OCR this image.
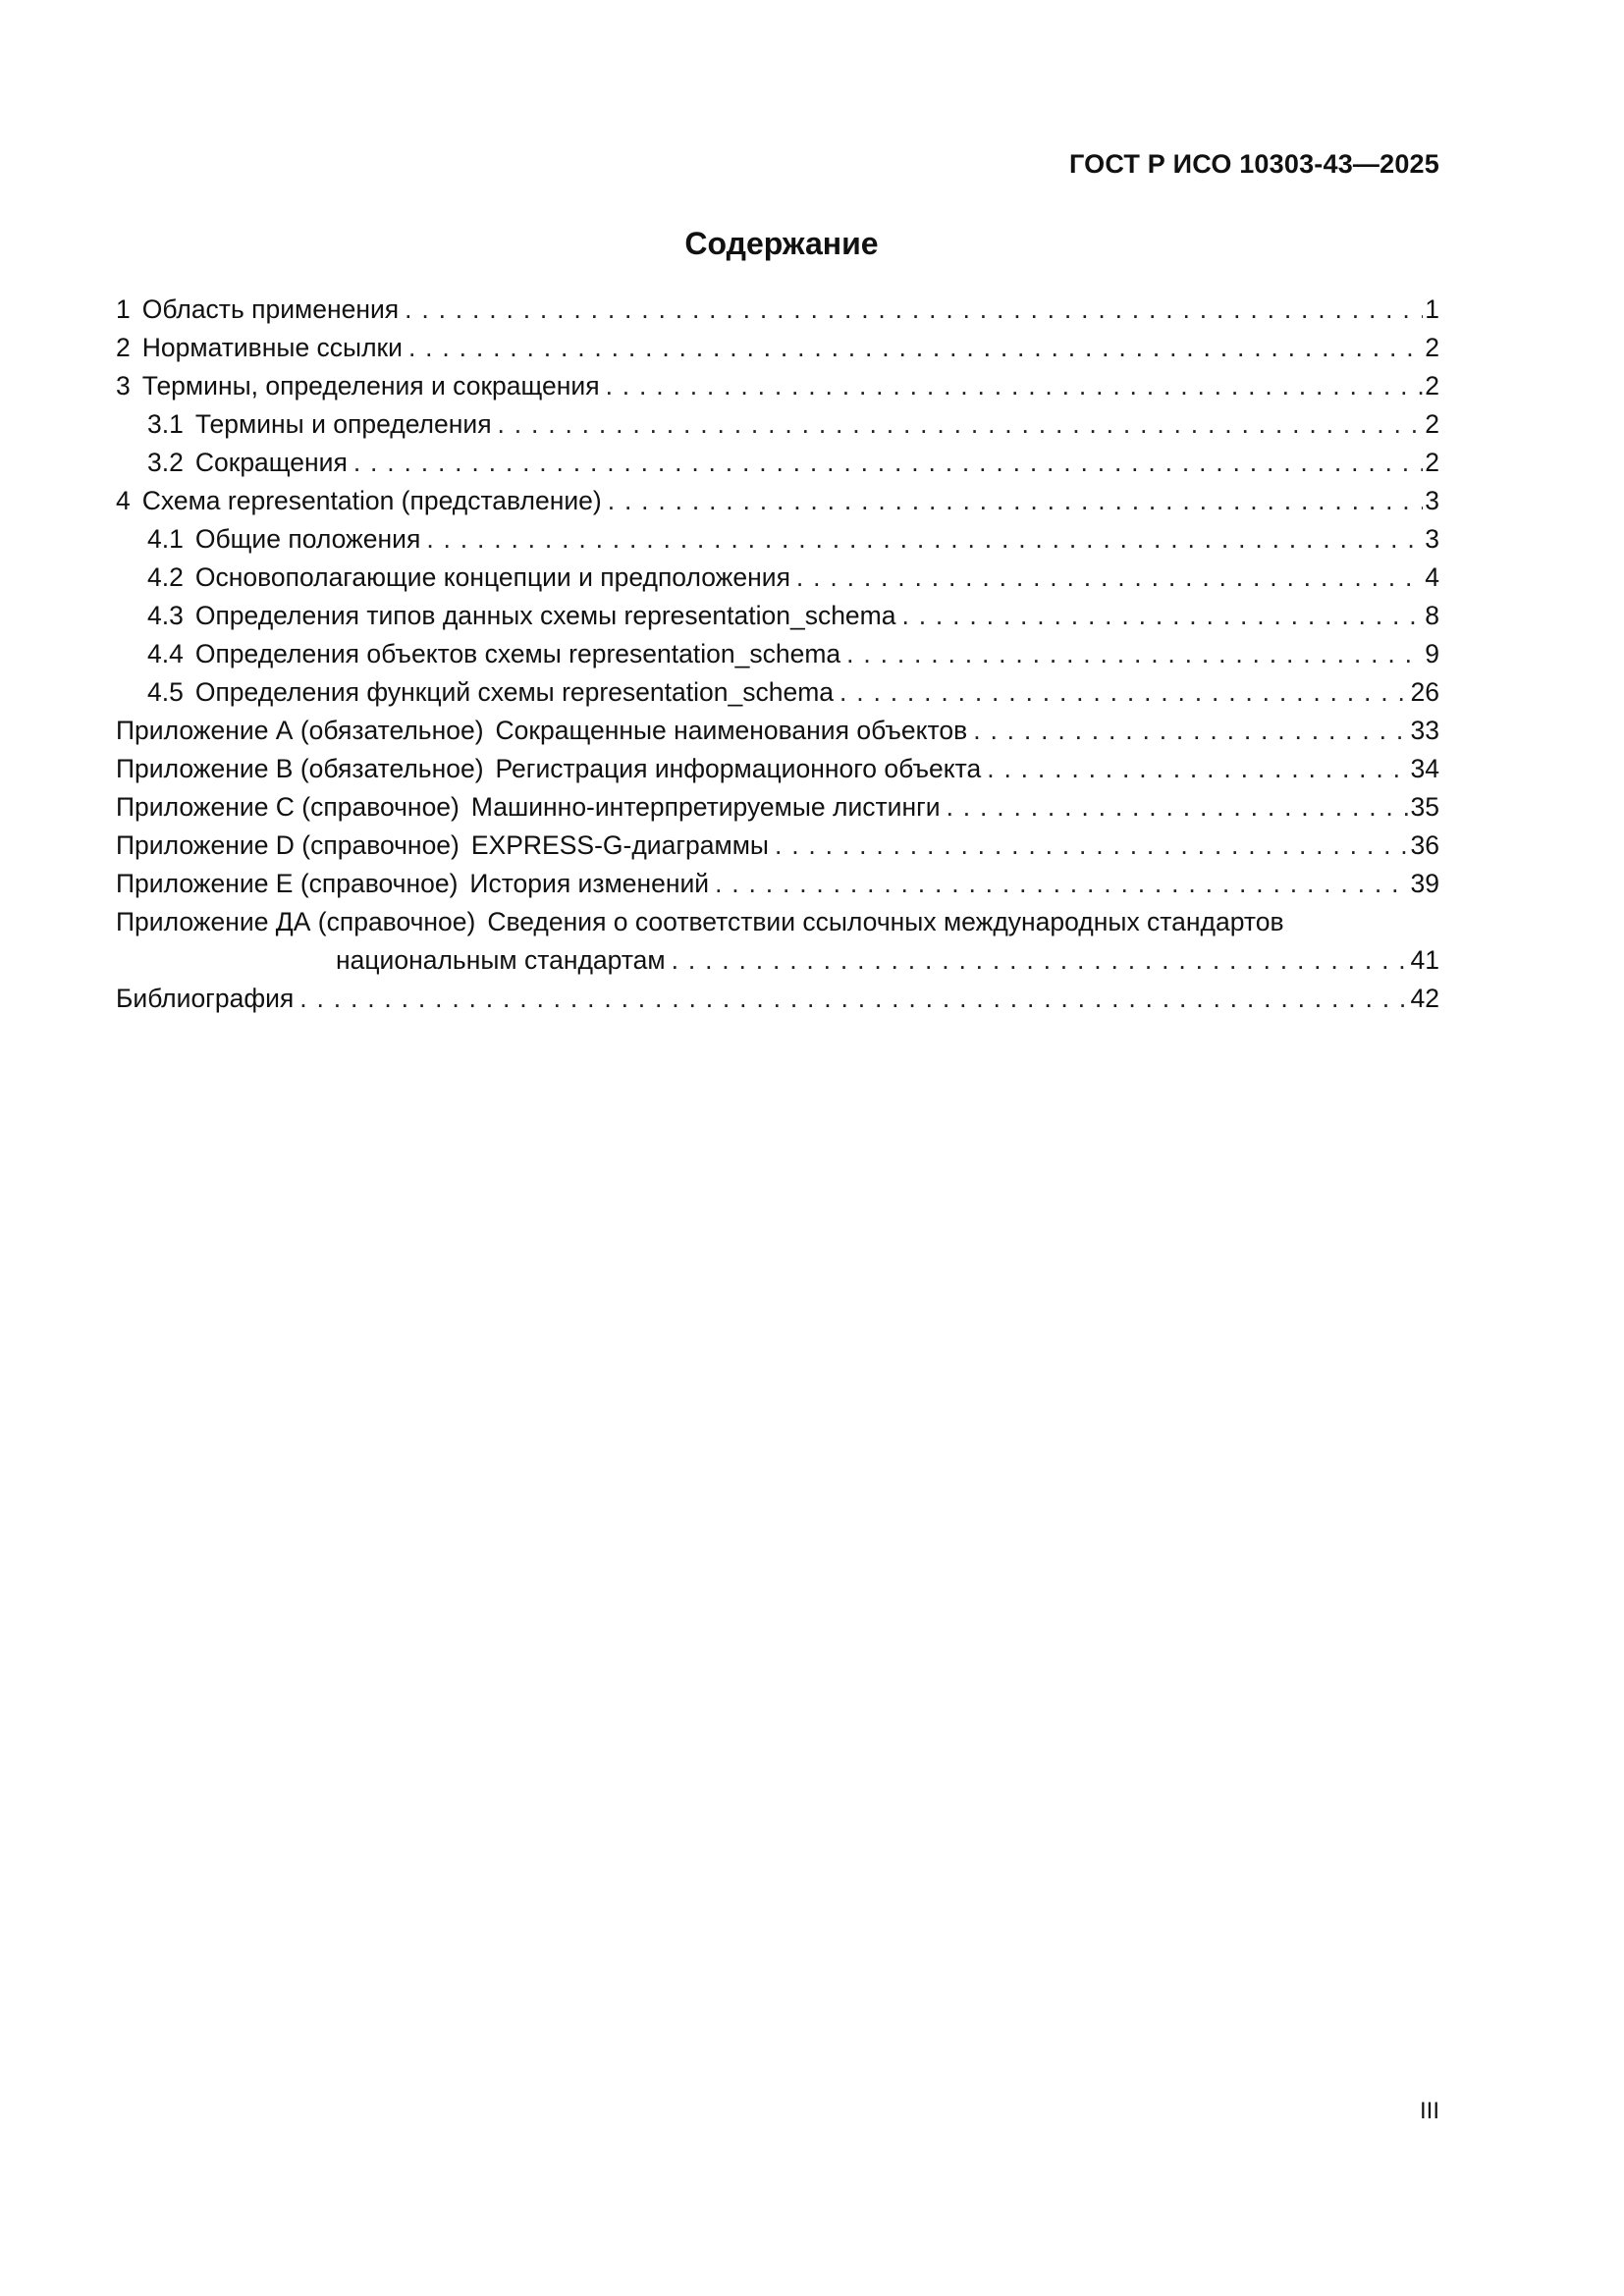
ГОСТ Р ИСО 10303-43—2025
Содержание
1 Область применения . . .	1
2 Нормативные ссылки . . .	2
3 Термины, определения и сокращения . . .	2
3.1 Термины и определения . . .	2
3.2 Сокращения . . .	2
4 Схема representation (представление) . . .	3
4.1 Общие положения . . .	3
4.2 Основополагающие концепции и предположения . . .	4
4.3 Определения типов данных схемы representation_schema . . .	8
4.4 Определения объектов схемы representation_schema . . .	9
4.5 Определения функций схемы representation_schema . . .	26
Приложение А (обязательное) Сокращенные наименования объектов . . .	33
Приложение В (обязательное) Регистрация информационного объекта . . .	34
Приложение С (справочное) Машинно-интерпретируемые листинги . . .	35
Приложение D (справочное) EXPRESS-G-диаграммы . . .	36
Приложение Е (справочное) История изменений . . .	39
Приложение ДА (справочное) Сведения о соответствии ссылочных международных стандартов
национальным стандартам . . .	41
Библиография . . .	42
III
